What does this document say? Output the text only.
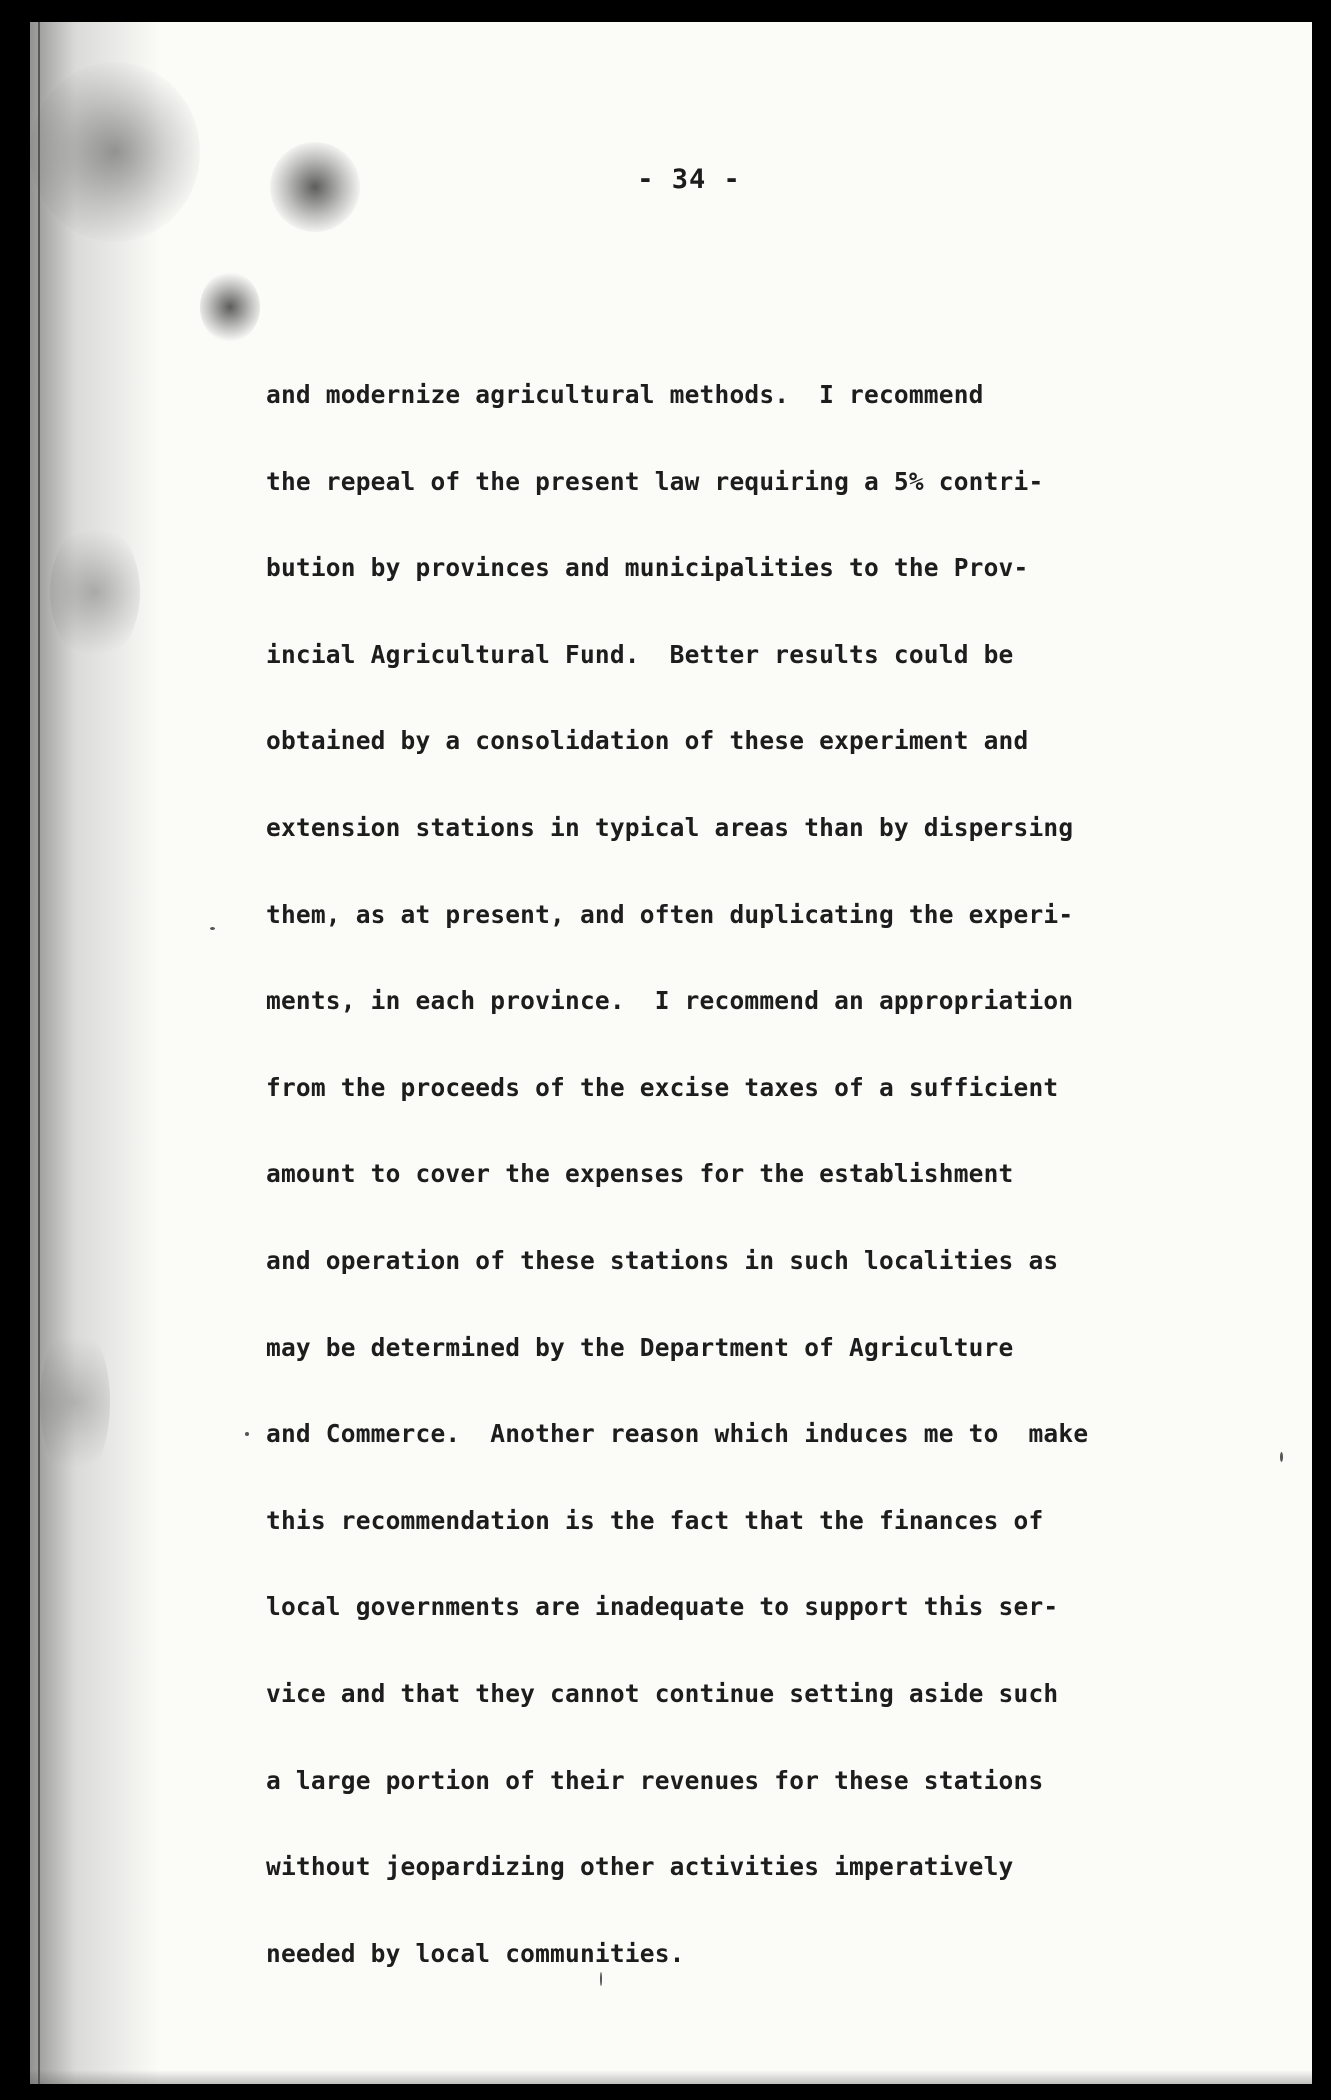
- 34 -
and modernize agricultural methods.  I recommend
the repeal of the present law requiring a 5% contri-
bution by provinces and municipalities to the Prov-
incial Agricultural Fund.  Better results could be
obtained by a consolidation of these experiment and
extension stations in typical areas than by dispersing
them, as at present, and often duplicating the experi-
ments, in each province.  I recommend an appropriation
from the proceeds of the excise taxes of a sufficient
amount to cover the expenses for the establishment
and operation of these stations in such localities as
may be determined by the Department of Agriculture
and Commerce.  Another reason which induces me to  make
this recommendation is the fact that the finances of
local governments are inadequate to support this ser-
vice and that they cannot continue setting aside such
a large portion of their revenues for these stations
without jeopardizing other activities imperatively
needed by local communities.
